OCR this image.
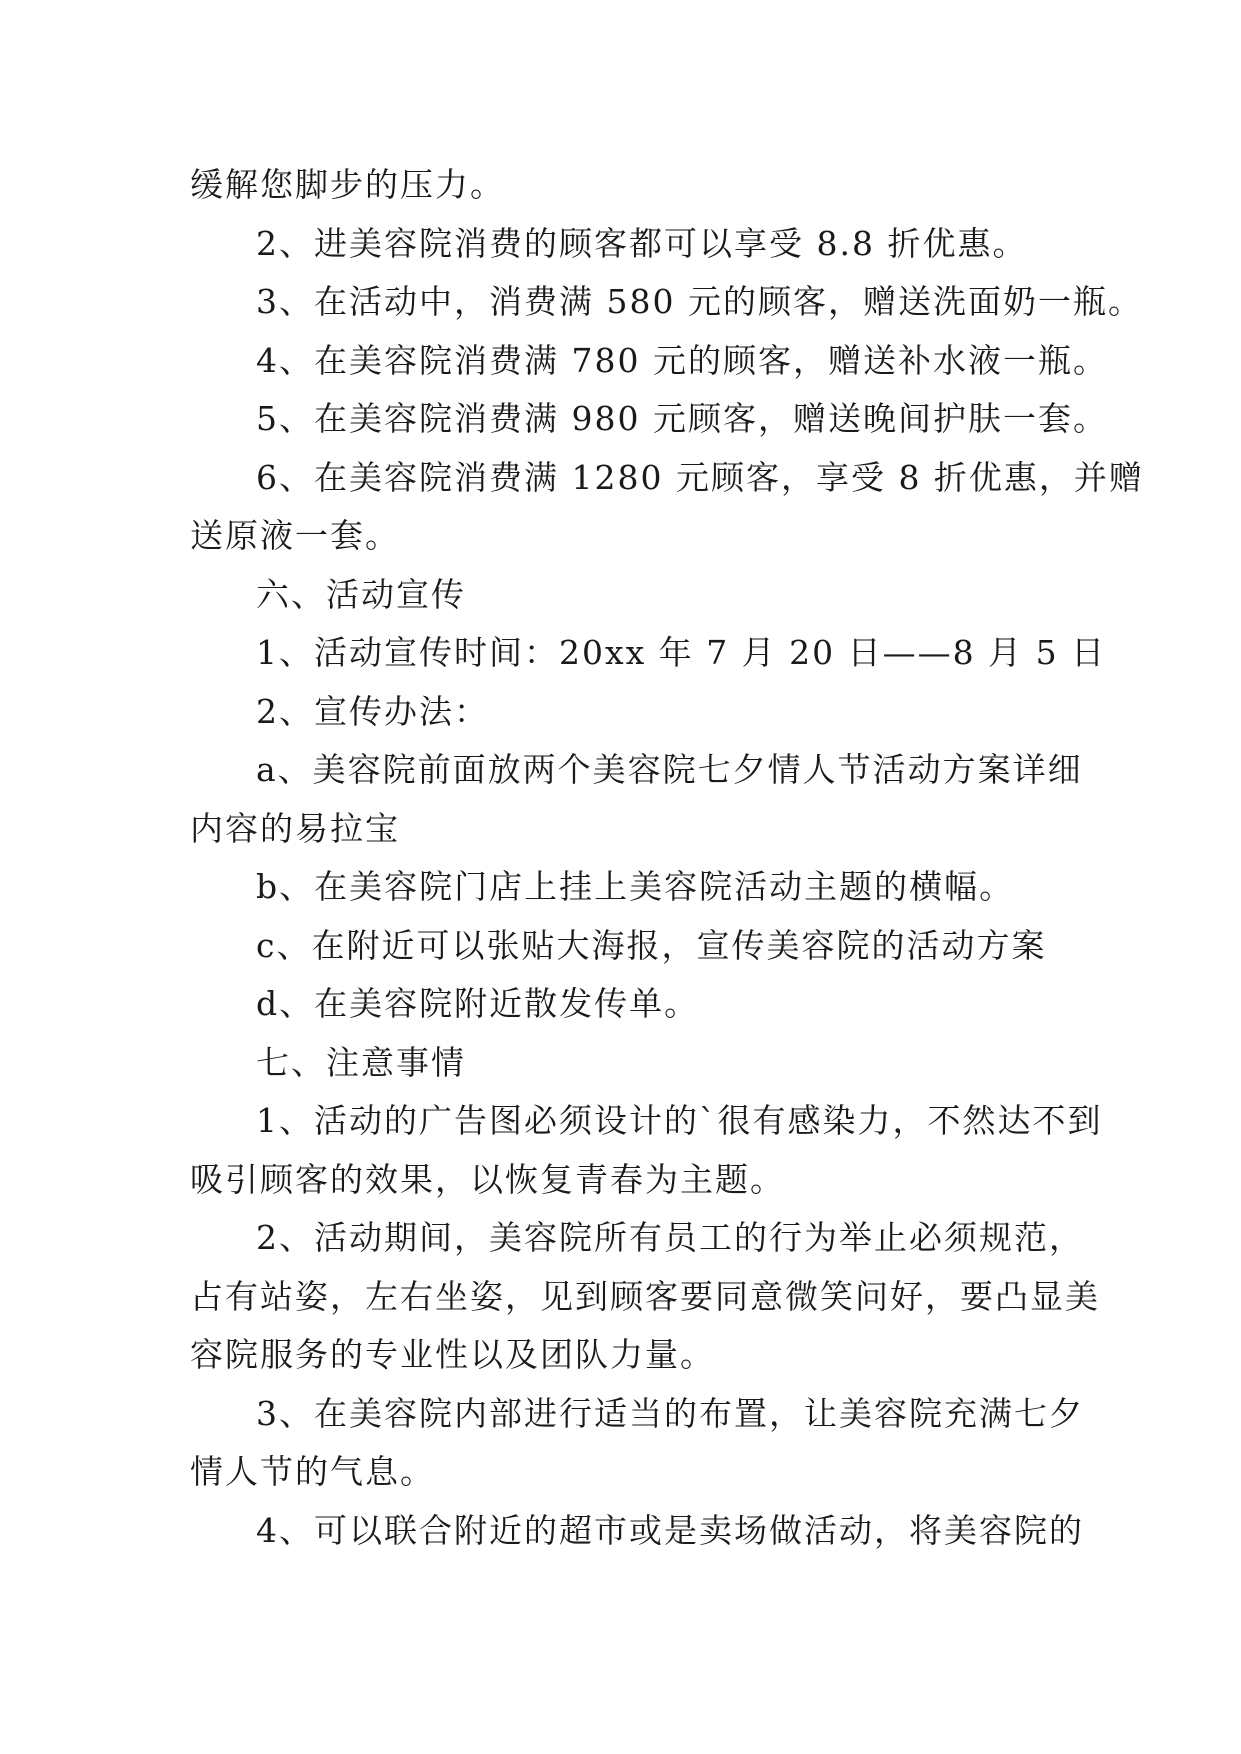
缓解您脚步的压力。

2、进美容院消费的顾客都可以享受 8.8 折优惠。

3、在活动中，消费满 580 元的顾客，赠送洗面奶一瓶。

4、在美容院消费满 780 元的顾客，赠送补水液一瓶。

5、在美容院消费满 980 元顾客，赠送晚间护肤一套。

6、在美容院消费满 1280 元顾客，享受 8 折优惠，并赠

送原液一套。

六、活动宣传

1、活动宣传时间：20xx 年 7 月 20 日——8 月 5 日

2、宣传办法：

a、美容院前面放两个美容院七夕情人节活动方案详细

内容的易拉宝

b、在美容院门店上挂上美容院活动主题的横幅。

c、在附近可以张贴大海报，宣传美容院的活动方案

d、在美容院附近散发传单。

七、注意事情

1、活动的广告图必须设计的`很有感染力，不然达不到

吸引顾客的效果，以恢复青春为主题。

2、活动期间，美容院所有员工的行为举止必须规范，

占有站姿，左右坐姿，见到顾客要同意微笑问好，要凸显美

容院服务的专业性以及团队力量。

3、在美容院内部进行适当的布置，让美容院充满七夕

情人节的气息。

4、可以联合附近的超市或是卖场做活动，将美容院的
